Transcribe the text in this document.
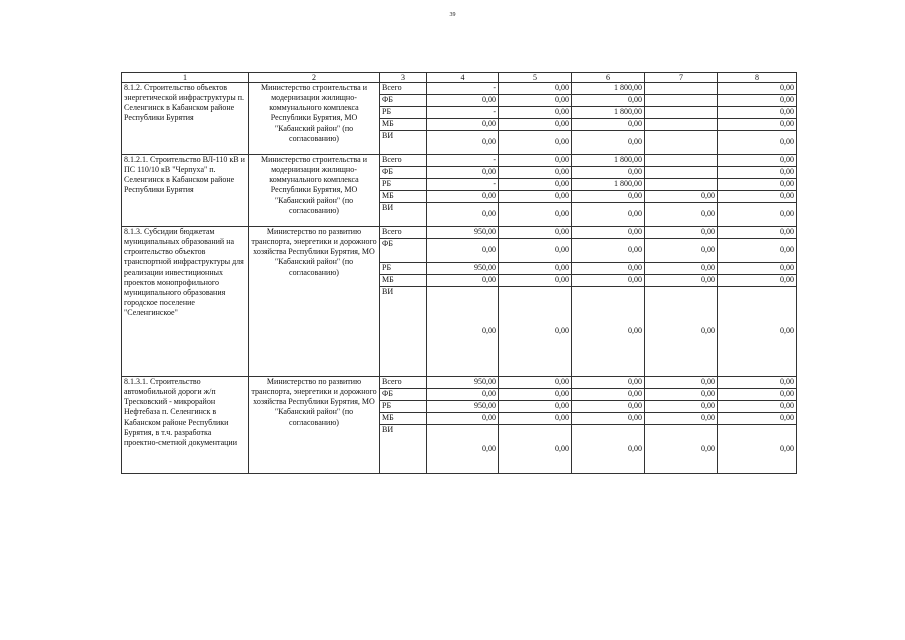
39
1	2	3	4	5	6	7	8
8.1.2. Строительство объектов энергетической инфраструктуры п. Селенгинск в Кабанском районе Республики Бурятия	Министерство строительства и модернизации жилищно-коммунального комплекса Республики Бурятия, МО "Кабанский район" (по согласованию)	Всего	-	0,00	1 800,00		0,00
		ФБ	0,00	0,00	0,00		0,00
		РБ	-	0,00	1 800,00		0,00
		МБ	0,00	0,00	0,00		0,00
		ВИ	0,00	0,00	0,00		0,00
8.1.2.1. Строительство ВЛ-110 кВ и ПС 110/10 кВ "Черпуха" п. Селенгинск в Кабанском районе Республики Бурятия	Министерство строительства и модернизации жилищно-коммунального комплекса Республики Бурятия, МО "Кабанский район" (по согласованию)	Всего	-	0,00	1 800,00		0,00
		ФБ	0,00	0,00	0,00		0,00
		РБ	-	0,00	1 800,00		0,00
		МБ	0,00	0,00	0,00	0,00	0,00
		ВИ	0,00	0,00	0,00	0,00	0,00
8.1.3. Субсидии бюджетам муниципальных образований на строительство объектов транспортной инфраструктуры для реализации инвестиционных проектов монопрофильного муниципального образования городское поселение "Селенгинское"	Министерство по развитию транспорта, энергетики и дорожного хозяйства Республики Бурятия, МО "Кабанский район" (по согласованию)	Всего	950,00	0,00	0,00	0,00	0,00
		ФБ	0,00	0,00	0,00	0,00	0,00
		РБ	950,00	0,00	0,00	0,00	0,00
		МБ	0,00	0,00	0,00	0,00	0,00
		ВИ	0,00	0,00	0,00	0,00	0,00
8.1.3.1. Строительство автомобильной дороги ж/п Тресковский - микрорайон Нефтебаза п. Селенгинск в Кабанском районе Республики Бурятия, в т.ч. разработка проектно-сметной документации	Министерство по развитию транспорта, энергетики и дорожного хозяйства Республики Бурятия, МО "Кабанский район" (по согласованию)	Всего	950,00	0,00	0,00	0,00	0,00
		ФБ	0,00	0,00	0,00	0,00	0,00
		РБ	950,00	0,00	0,00	0,00	0,00
		МБ	0,00	0,00	0,00	0,00	0,00
		ВИ	0,00	0,00	0,00	0,00	0,00
